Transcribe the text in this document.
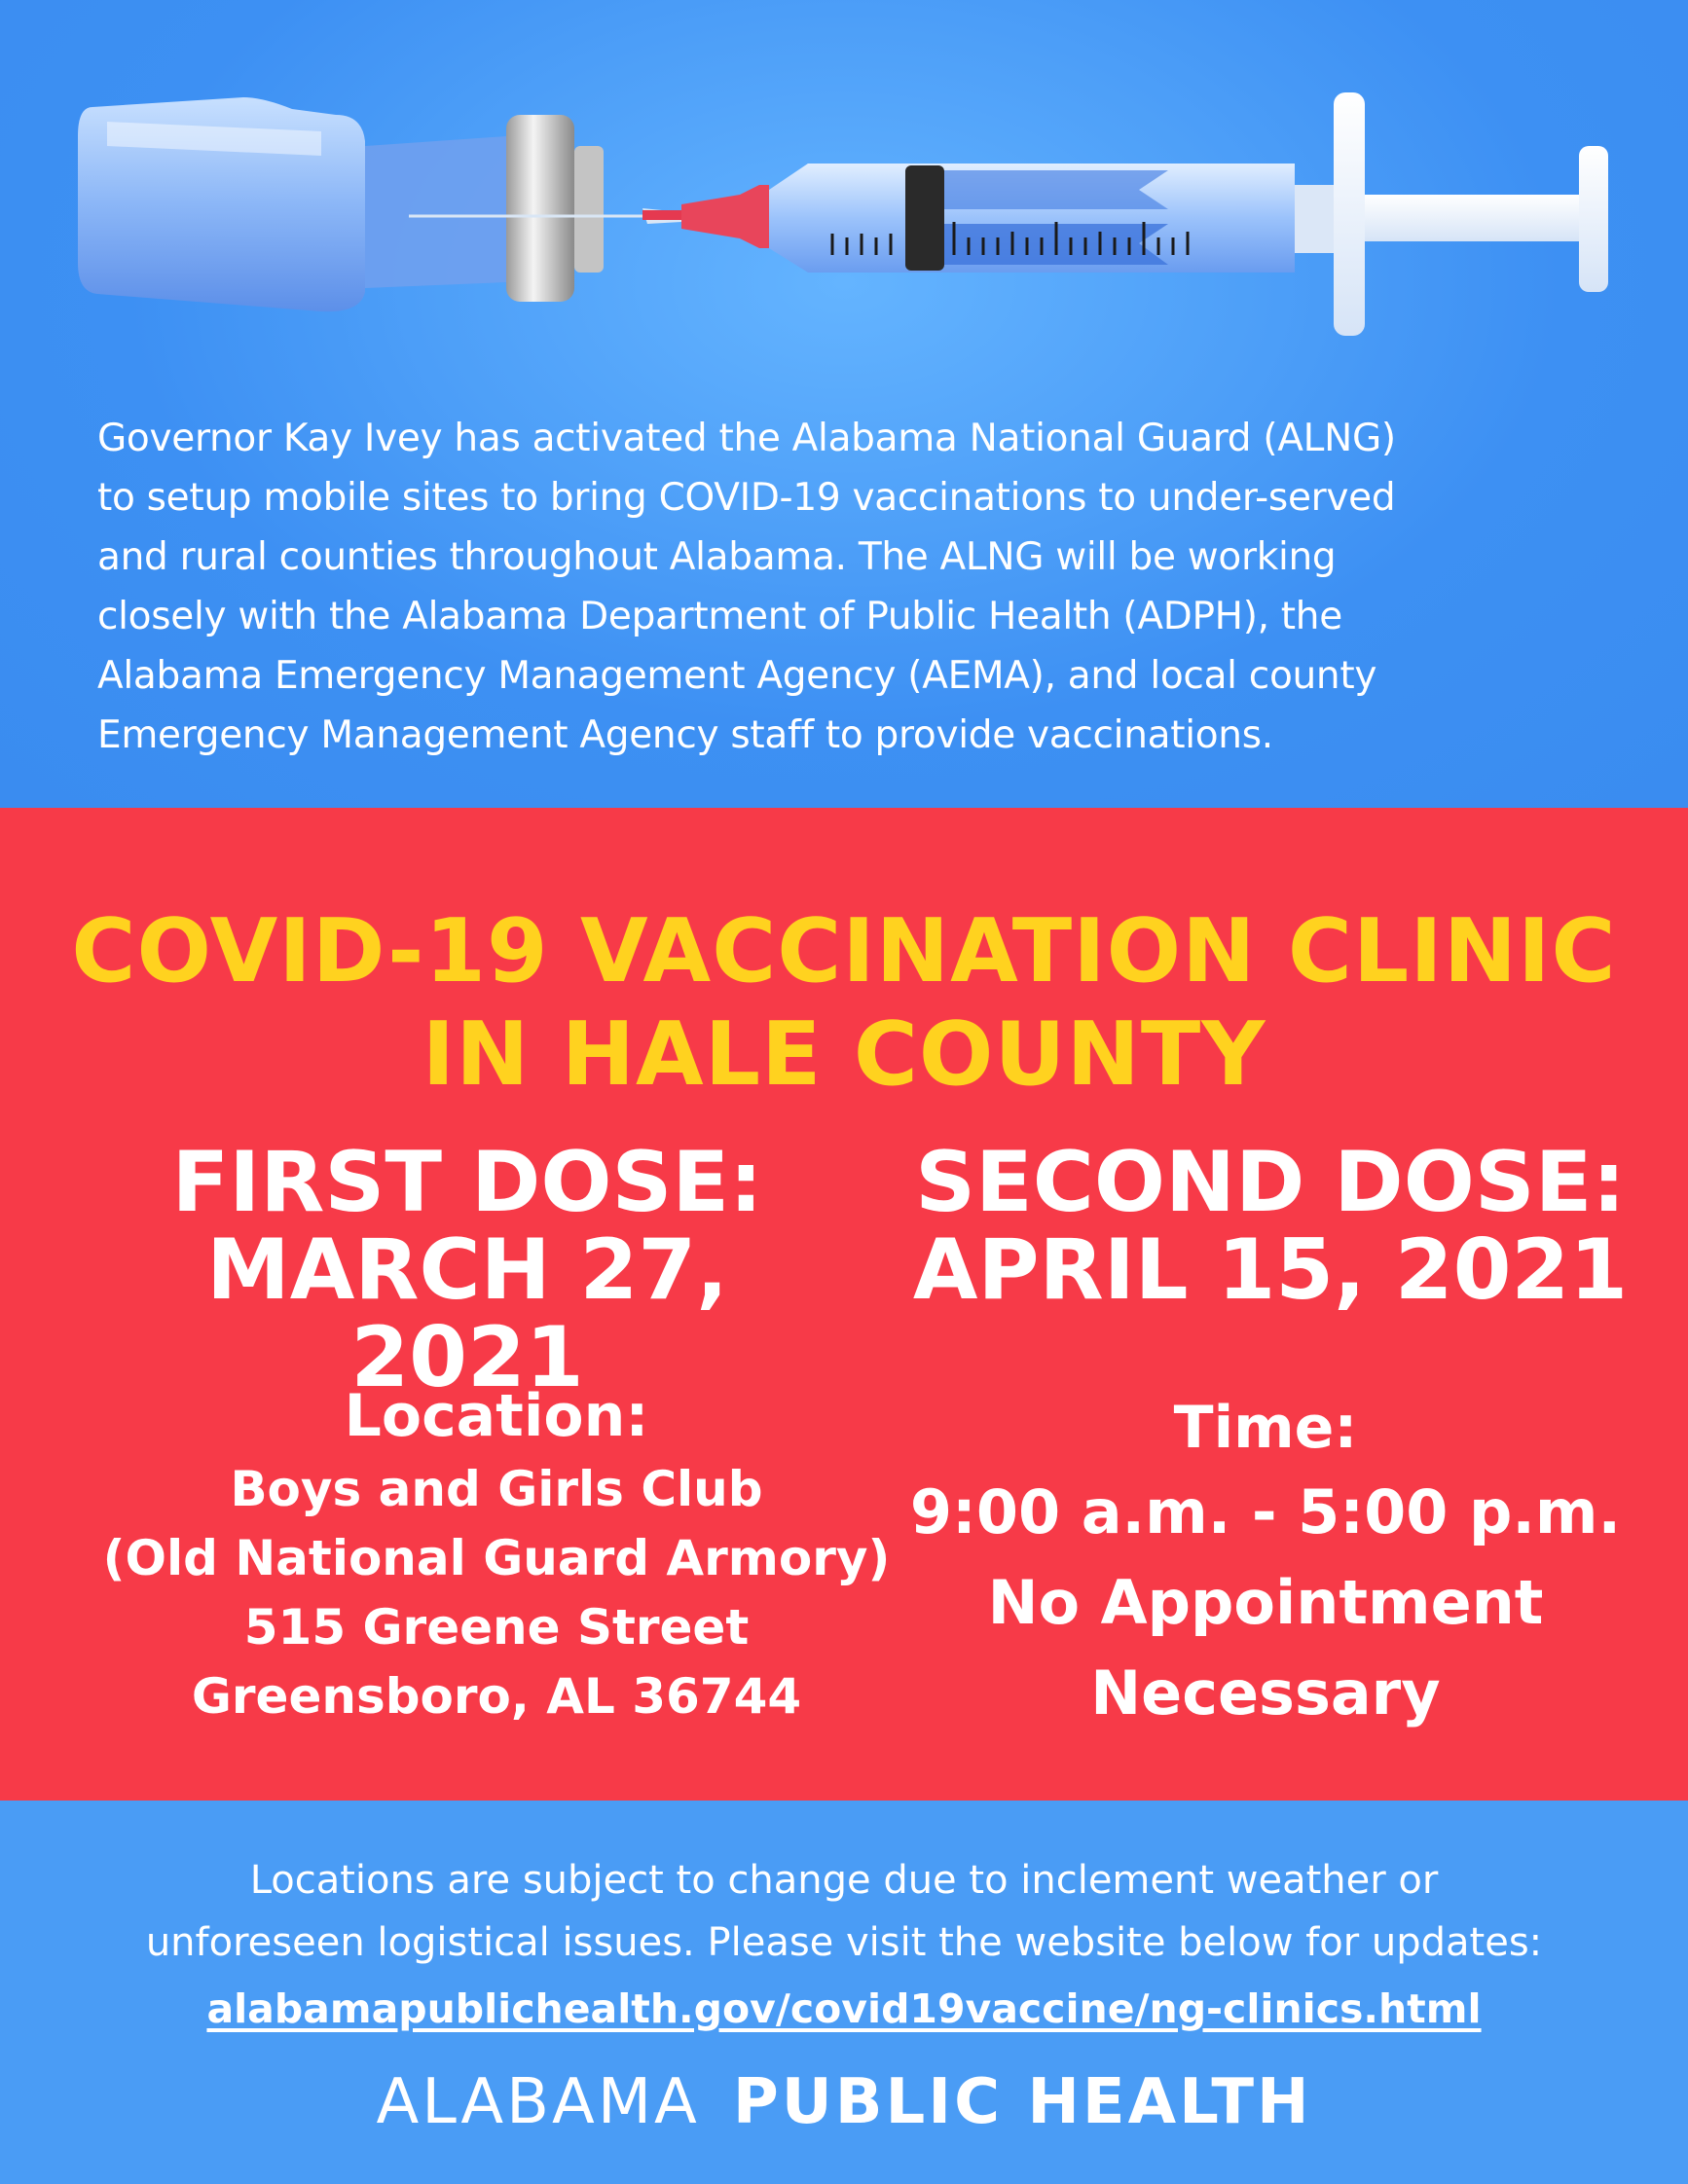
Governor Kay Ivey has activated the Alabama National Guard (ALNG)
to setup mobile sites to bring COVID-19 vaccinations to under-served
and rural counties throughout Alabama. The ALNG will be working
closely with the Alabama Department of Public Health (ADPH), the
Alabama Emergency Management Agency (AEMA), and local county
Emergency Management Agency staff to provide vaccinations.

COVID-19 VACCINATION CLINIC
IN HALE COUNTY
FIRST DOSE:
MARCH 27, 2021
SECOND DOSE:
APRIL 15, 2021
Location:
Boys and Girls Club
(Old National Guard Armory)
515 Greene Street
Greensboro, AL 36744
Time:
9:00 a.m. - 5:00 p.m.
No Appointment
Necessary

Locations are subject to change due to inclement weather or
unforeseen logistical issues. Please visit the website below for updates:

alabamapublichealth.gov/covid19vaccine/ng-clinics.html
ALABAMA PUBLIC HEALTH
